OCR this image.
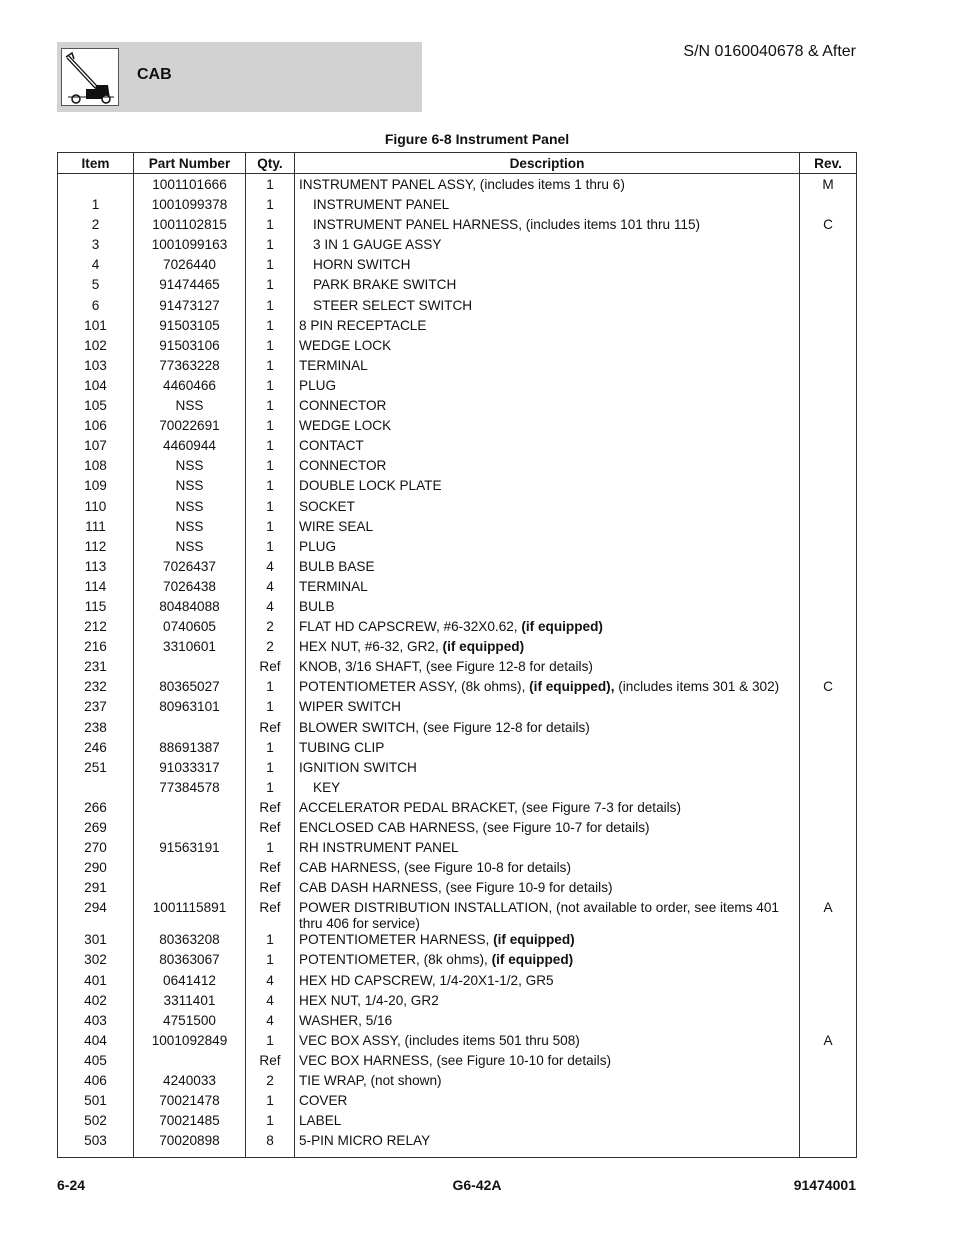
CAB
S/N 0160040678 & After
Figure 6-8 Instrument Panel
Item	Part Number	Qty.	Description	Rev.
	1001101666	1	INSTRUMENT PANEL ASSY, (includes items 1 thru 6)	M
1	1001099378	1	INSTRUMENT PANEL	
2	1001102815	1	INSTRUMENT PANEL HARNESS, (includes items 101 thru 115)	C
3	1001099163	1	3 IN 1 GAUGE ASSY	
4	7026440	1	HORN SWITCH	
5	91474465	1	PARK BRAKE SWITCH	
6	91473127	1	STEER SELECT SWITCH	
101	91503105	1	8 PIN RECEPTACLE	
102	91503106	1	WEDGE LOCK	
103	77363228	1	TERMINAL	
104	4460466	1	PLUG	
105	NSS	1	CONNECTOR	
106	70022691	1	WEDGE LOCK	
107	4460944	1	CONTACT	
108	NSS	1	CONNECTOR	
109	NSS	1	DOUBLE LOCK PLATE	
110	NSS	1	SOCKET	
111	NSS	1	WIRE SEAL	
112	NSS	1	PLUG	
113	7026437	4	BULB BASE	
114	7026438	4	TERMINAL	
115	80484088	4	BULB	
212	0740605	2	FLAT HD CAPSCREW, #6-32X0.62, (if equipped)	
216	3310601	2	HEX NUT, #6-32, GR2, (if equipped)	
231		Ref	KNOB, 3/16 SHAFT, (see Figure 12-8 for details)	
232	80365027	1	POTENTIOMETER ASSY, (8k ohms), (if equipped), (includes items 301 & 302)	C
237	80963101	1	WIPER SWITCH	
238		Ref	BLOWER SWITCH, (see Figure 12-8 for details)	
246	88691387	1	TUBING CLIP	
251	91033317	1	IGNITION SWITCH	
	77384578	1	KEY	
266		Ref	ACCELERATOR PEDAL BRACKET, (see Figure 7-3 for details)	
269		Ref	ENCLOSED CAB HARNESS, (see Figure 10-7 for details)	
270	91563191	1	RH INSTRUMENT PANEL	
290		Ref	CAB HARNESS, (see Figure 10-8 for details)	
291		Ref	CAB DASH HARNESS, (see Figure 10-9 for details)	
294	1001115891	Ref	POWER DISTRIBUTION INSTALLATION, (not available to order, see items 401 thru 406 for service)	A
301	80363208	1	POTENTIOMETER HARNESS, (if equipped)	
302	80363067	1	POTENTIOMETER, (8k ohms), (if equipped)	
401	0641412	4	HEX HD CAPSCREW, 1/4-20X1-1/2, GR5	
402	3311401	4	HEX NUT, 1/4-20, GR2	
403	4751500	4	WASHER, 5/16	
404	1001092849	1	VEC BOX ASSY, (includes items 501 thru 508)	A
405		Ref	VEC BOX HARNESS, (see Figure 10-10 for details)	
406	4240033	2	TIE WRAP, (not shown)	
501	70021478	1	COVER	
502	70021485	1	LABEL	
503	70020898	8	5-PIN MICRO RELAY	
6-24	G6-42A	91474001
